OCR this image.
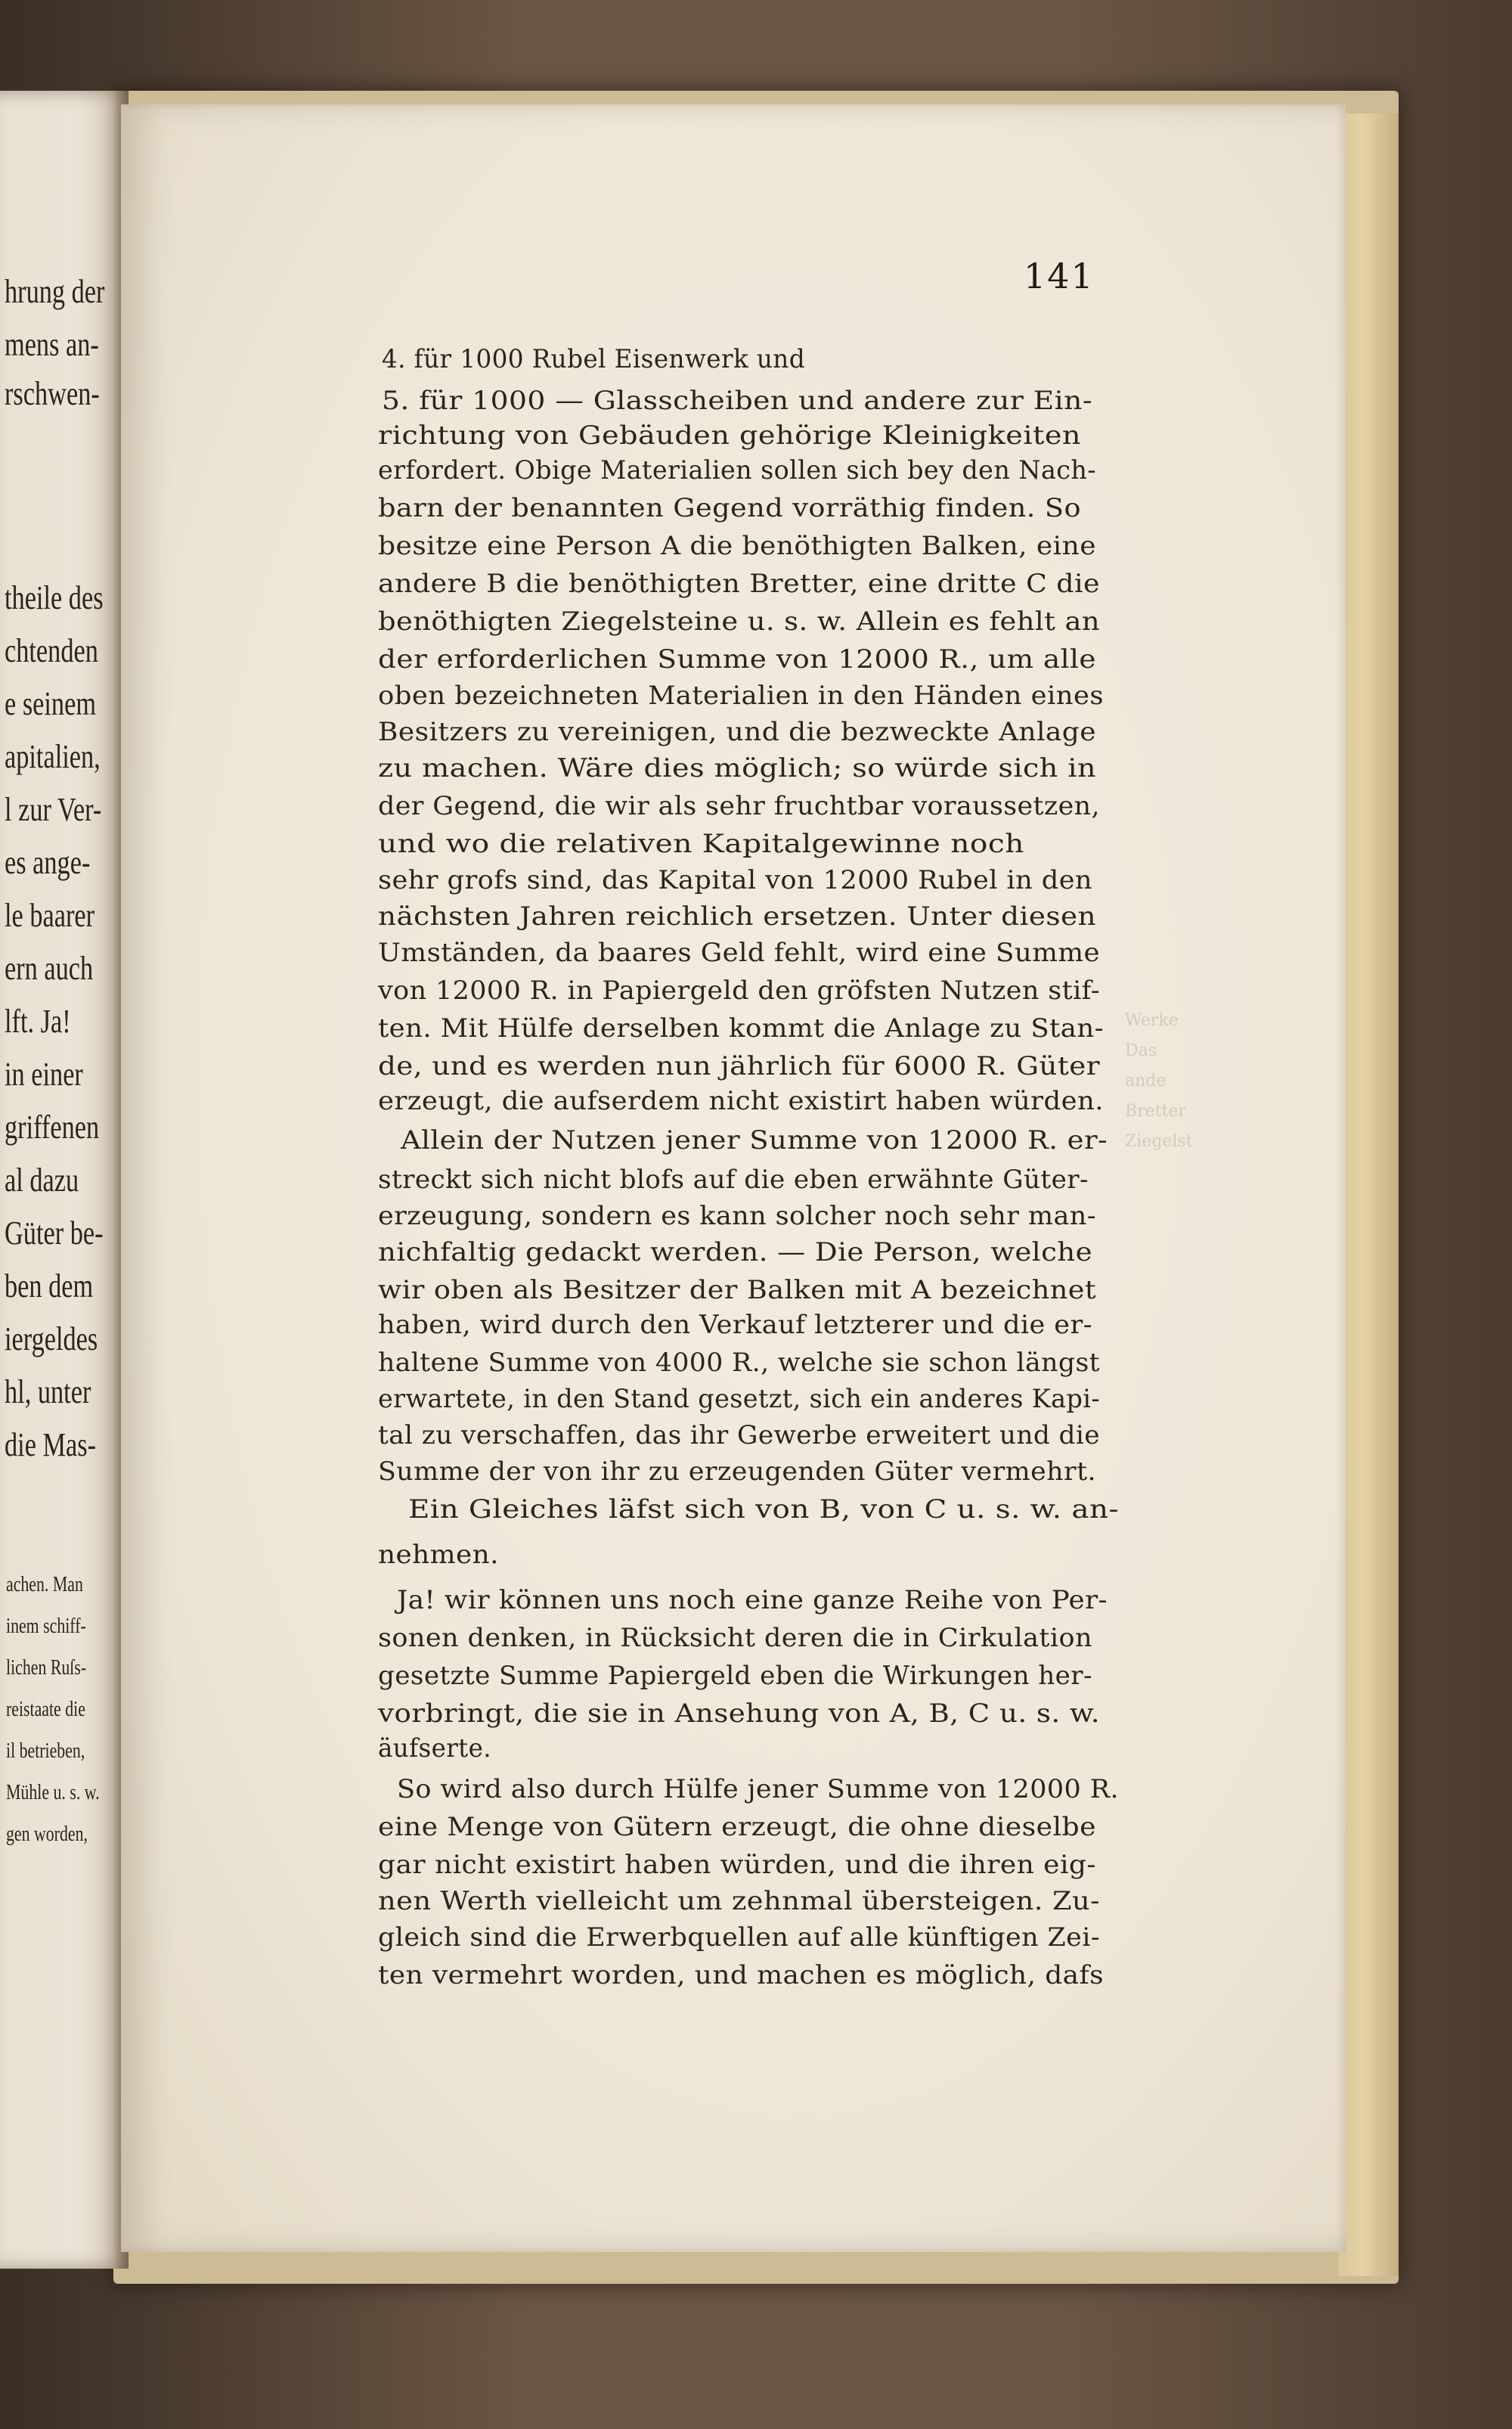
hrung der
mens an-
rschwen-
theile des
chtenden
e seinem
apitalien,
l zur Ver-
es ange-
le baarer
ern auch
lft. Ja!
in einer
griffenen
al dazu
Güter be-
ben dem
iergeldes
hl, unter
die Mas-
achen. Man
inem schiff-
lichen Ruſs-
reistaate die
il betrieben,
Mühle u. s. w.
gen worden,
141
4. für 1000 Rubel Eisenwerk und
5. für 1000 — Glasscheiben und andere zur Ein-
richtung von Gebäuden gehörige Kleinigkeiten
erfordert. Obige Materialien sollen sich bey den Nach-
barn der benannten Gegend vorräthig finden. So
besitze eine Person A die benöthigten Balken, eine
andere B die benöthigten Bretter, eine dritte C die
benöthigten Ziegelsteine u. s. w. Allein es fehlt an
der erforderlichen Summe von 12000 R., um alle
oben bezeichneten Materialien in den Händen eines
Besitzers zu vereinigen, und die bezweckte Anlage
zu machen. Wäre dies möglich; so würde sich in
der Gegend, die wir als sehr fruchtbar voraussetzen,
und wo die relativen Kapitalgewinne noch
sehr grofs sind, das Kapital von 12000 Rubel in den
nächsten Jahren reichlich ersetzen. Unter diesen
Umständen, da baares Geld fehlt, wird eine Summe
von 12000 R. in Papiergeld den gröfsten Nutzen stif-
ten. Mit Hülfe derselben kommt die Anlage zu Stan-
de, und es werden nun jährlich für 6000 R. Güter
erzeugt, die aufserdem nicht existirt haben würden.
Allein der Nutzen jener Summe von 12000 R. er-
streckt sich nicht blofs auf die eben erwähnte Güter-
erzeugung, sondern es kann solcher noch sehr man-
nichfaltig gedackt werden. — Die Person, welche
wir oben als Besitzer der Balken mit A bezeichnet
haben, wird durch den Verkauf letzterer und die er-
haltene Summe von 4000 R., welche sie schon längst
erwartete, in den Stand gesetzt, sich ein anderes Kapi-
tal zu verschaffen, das ihr Gewerbe erweitert und die
Summe der von ihr zu erzeugenden Güter vermehrt.
Ein Gleiches läfst sich von B, von C u. s. w. an-
nehmen.
Ja! wir können uns noch eine ganze Reihe von Per-
sonen denken, in Rücksicht deren die in Cirkulation
gesetzte Summe Papiergeld eben die Wirkungen her-
vorbringt, die sie in Ansehung von A, B, C u. s. w.
äufserte.
So wird also durch Hülfe jener Summe von 12000 R.
eine Menge von Gütern erzeugt, die ohne dieselbe
gar nicht existirt haben würden, und die ihren eig-
nen Werth vielleicht um zehnmal übersteigen. Zu-
gleich sind die Erwerbquellen auf alle künftigen Zei-
ten vermehrt worden, und machen es möglich, dafs
Werke
Das
ande
Bretter
Ziegelst
